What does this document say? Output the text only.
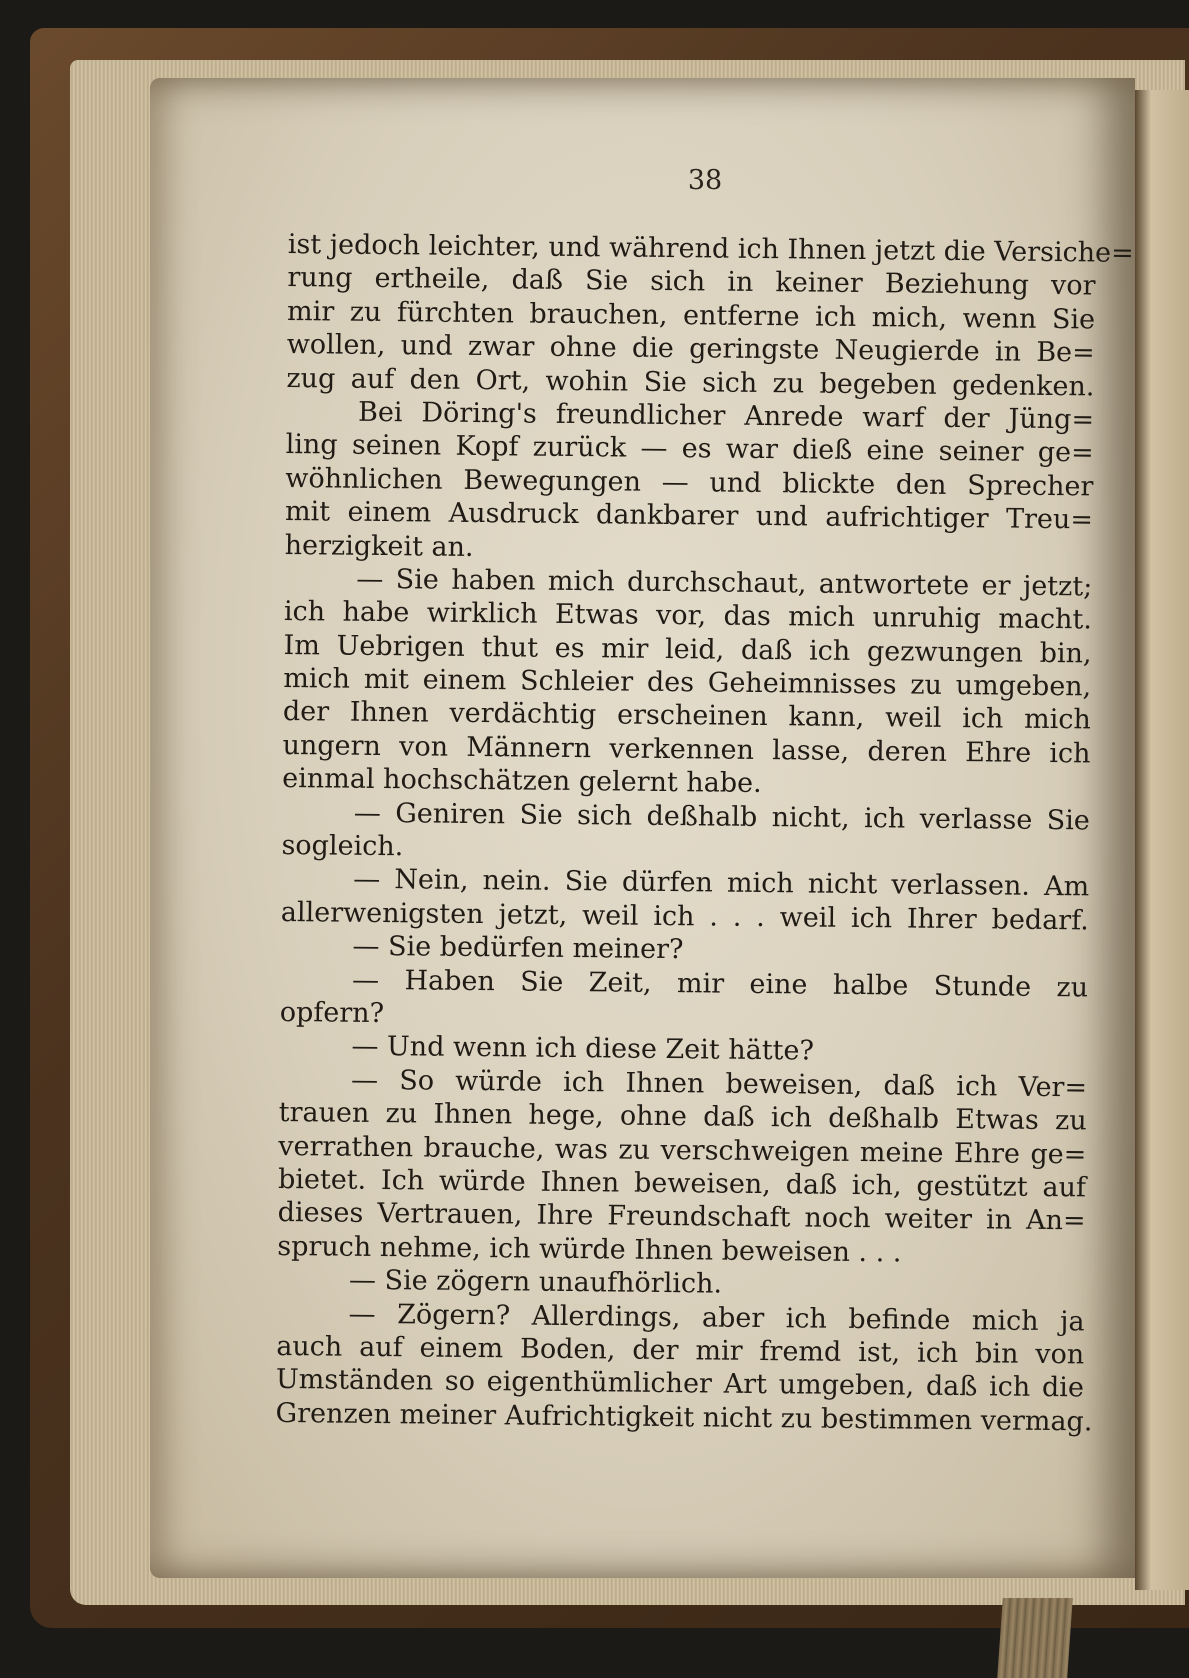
38
ist jedoch leichter, und während ich Ihnen jetzt die Versiche=
rung ertheile, daß Sie sich in keiner Beziehung vor
mir zu fürchten brauchen, entferne ich mich, wenn Sie
wollen, und zwar ohne die geringste Neugierde in Be=
zug auf den Ort, wohin Sie sich zu begeben gedenken.
Bei Döring's freundlicher Anrede warf der Jüng=
ling seinen Kopf zurück — es war dieß eine seiner ge=
wöhnlichen Bewegungen — und blickte den Sprecher
mit einem Ausdruck dankbarer und aufrichtiger Treu=
herzigkeit an.
— Sie haben mich durchschaut, antwortete er jetzt;
ich habe wirklich Etwas vor, das mich unruhig macht.
Im Uebrigen thut es mir leid, daß ich gezwungen bin,
mich mit einem Schleier des Geheimnisses zu umgeben,
der Ihnen verdächtig erscheinen kann, weil ich mich
ungern von Männern verkennen lasse, deren Ehre ich
einmal hochschätzen gelernt habe.
— Geniren Sie sich deßhalb nicht, ich verlasse Sie
sogleich.
— Nein, nein. Sie dürfen mich nicht verlassen. Am
allerwenigsten jetzt, weil ich . . . weil ich Ihrer bedarf.
— Sie bedürfen meiner?
— Haben Sie Zeit, mir eine halbe Stunde zu
opfern?
— Und wenn ich diese Zeit hätte?
— So würde ich Ihnen beweisen, daß ich Ver=
trauen zu Ihnen hege, ohne daß ich deßhalb Etwas zu
verrathen brauche, was zu verschweigen meine Ehre ge=
bietet. Ich würde Ihnen beweisen, daß ich, gestützt auf
dieses Vertrauen, Ihre Freundschaft noch weiter in An=
spruch nehme, ich würde Ihnen beweisen . . .
— Sie zögern unaufhörlich.
— Zögern? Allerdings, aber ich befinde mich ja
auch auf einem Boden, der mir fremd ist, ich bin von
Umständen so eigenthümlicher Art umgeben, daß ich die
Grenzen meiner Aufrichtigkeit nicht zu bestimmen vermag.
